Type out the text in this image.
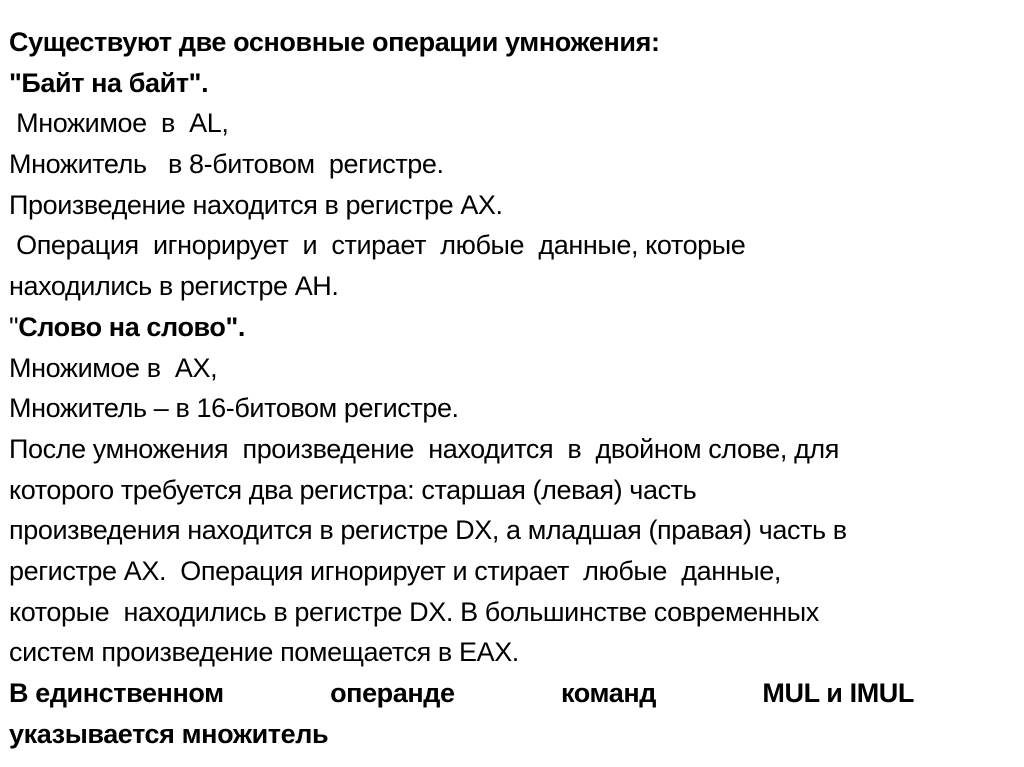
Существуют две основные операции умножения:
"Байт на байт".
Множимое  в  AL,
Множитель   в 8-битовом  регистре.
Произведение находится в регистре AX.
Операция  игнорирует  и  стирает  любые  данные, которые
находились в регистре AH.
"Слово на слово".
Множимое в  AX,
Множитель – в 16-битовом регистре.
После умножения  произведение  находится  в  двойном слове, для
которого требуется два регистра: старшая (левая) часть
произведения находится в регистре DX, а младшая (правая) часть в
регистре AX.  Операция игнорирует и стирает  любые  данные,
которые  находились в регистре DX. В большинстве современных
систем произведение помещается в EAX.
В единственном	операнде	команд	MUL и IMUL
указывается множитель
